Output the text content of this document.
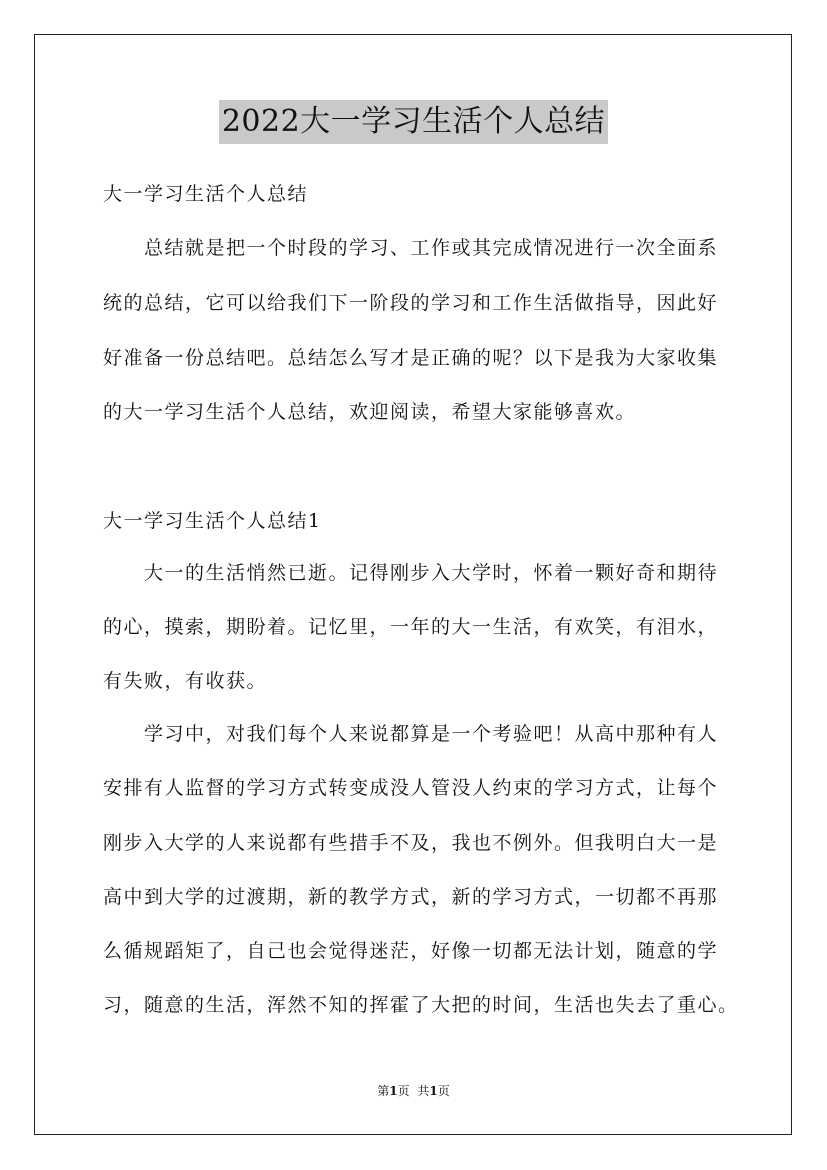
2022大一学习生活个人总结
大一学习生活个人总结
　　总结就是把一个时段的学习、工作或其完成情况进行一次全面系
统的总结，它可以给我们下一阶段的学习和工作生活做指导，因此好
好准备一份总结吧。总结怎么写才是正确的呢？以下是我为大家收集
的大一学习生活个人总结，欢迎阅读，希望大家能够喜欢。
大一学习生活个人总结1
　　大一的生活悄然已逝。记得刚步入大学时，怀着一颗好奇和期待
的心，摸索，期盼着。记忆里，一年的大一生活，有欢笑，有泪水，
有失败，有收获。
　　学习中，对我们每个人来说都算是一个考验吧！从高中那种有人
安排有人监督的学习方式转变成没人管没人约束的学习方式，让每个
刚步入大学的人来说都有些措手不及，我也不例外。但我明白大一是
高中到大学的过渡期，新的教学方式，新的学习方式，一切都不再那
么循规蹈矩了，自己也会觉得迷茫，好像一切都无法计划，随意的学
习，随意的生活，浑然不知的挥霍了大把的时间，生活也失去了重心。
第1页 共1页
